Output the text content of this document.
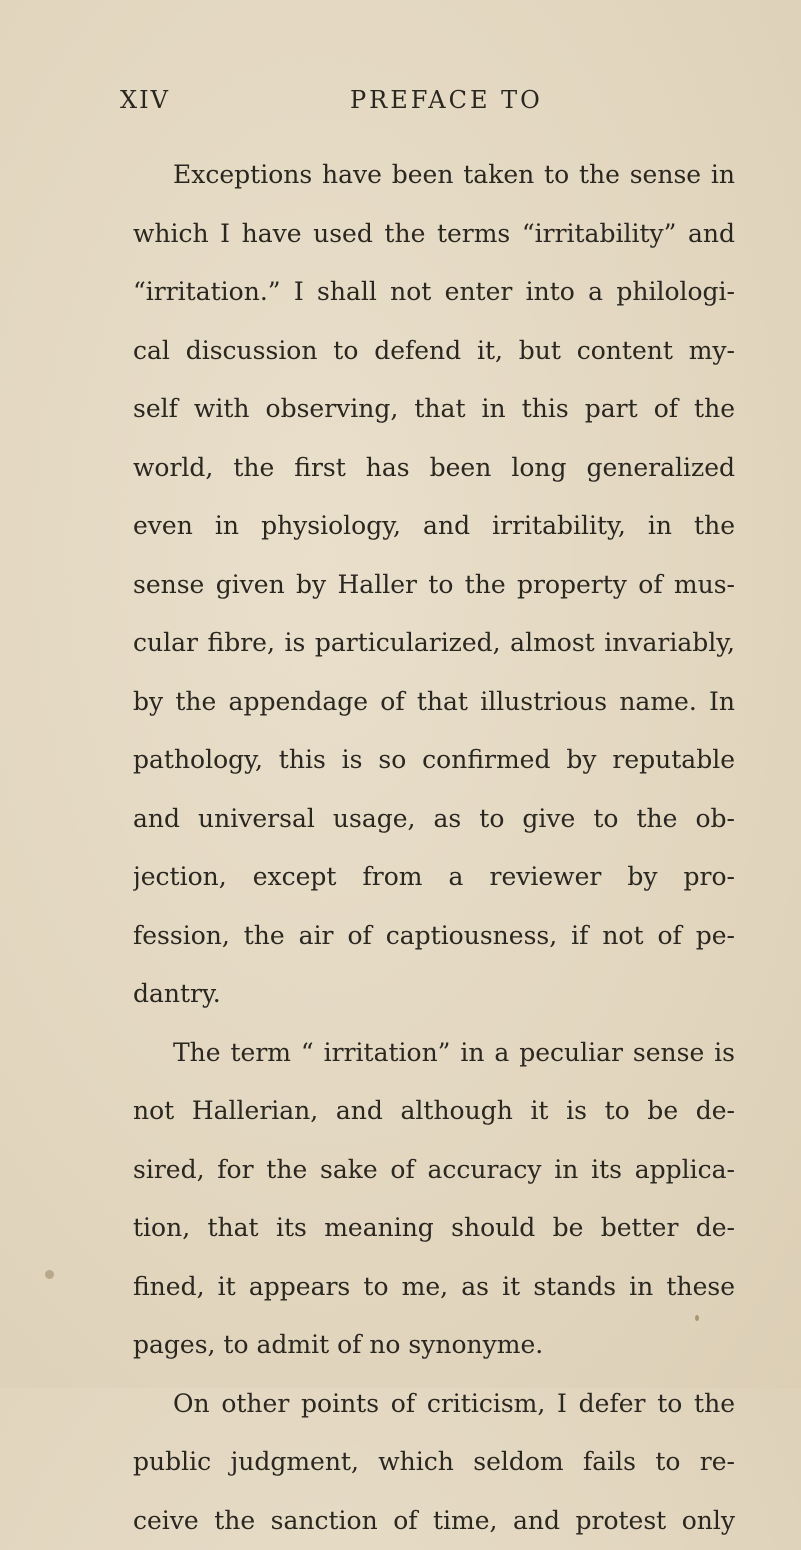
XIV	PREFACE TO
Exceptions have been taken to the sense in
which I have used the terms “irritability” and
“irritation.” I shall not enter into a philologi-
cal discussion to defend it, but content my-
self with observing, that in this part of the
world, the first has been long generalized
even in physiology, and irritability, in the
sense given by Haller to the property of mus-
cular fibre, is particularized, almost invariably,
by the appendage of that illustrious name. In
pathology, this is so confirmed by reputable
and universal usage, as to give to the ob-
jection, except from a reviewer by pro-
fession, the air of captiousness, if not of pe-
dantry.
The term “ irritation” in a peculiar sense is
not Hallerian, and although it is to be de-
sired, for the sake of accuracy in its applica-
tion, that its meaning should be better de-
fined, it appears to me, as it stands in these
pages, to admit of no synonyme.
On other points of criticism, I defer to the
public judgment, which seldom fails to re-
ceive the sanction of time, and protest only
